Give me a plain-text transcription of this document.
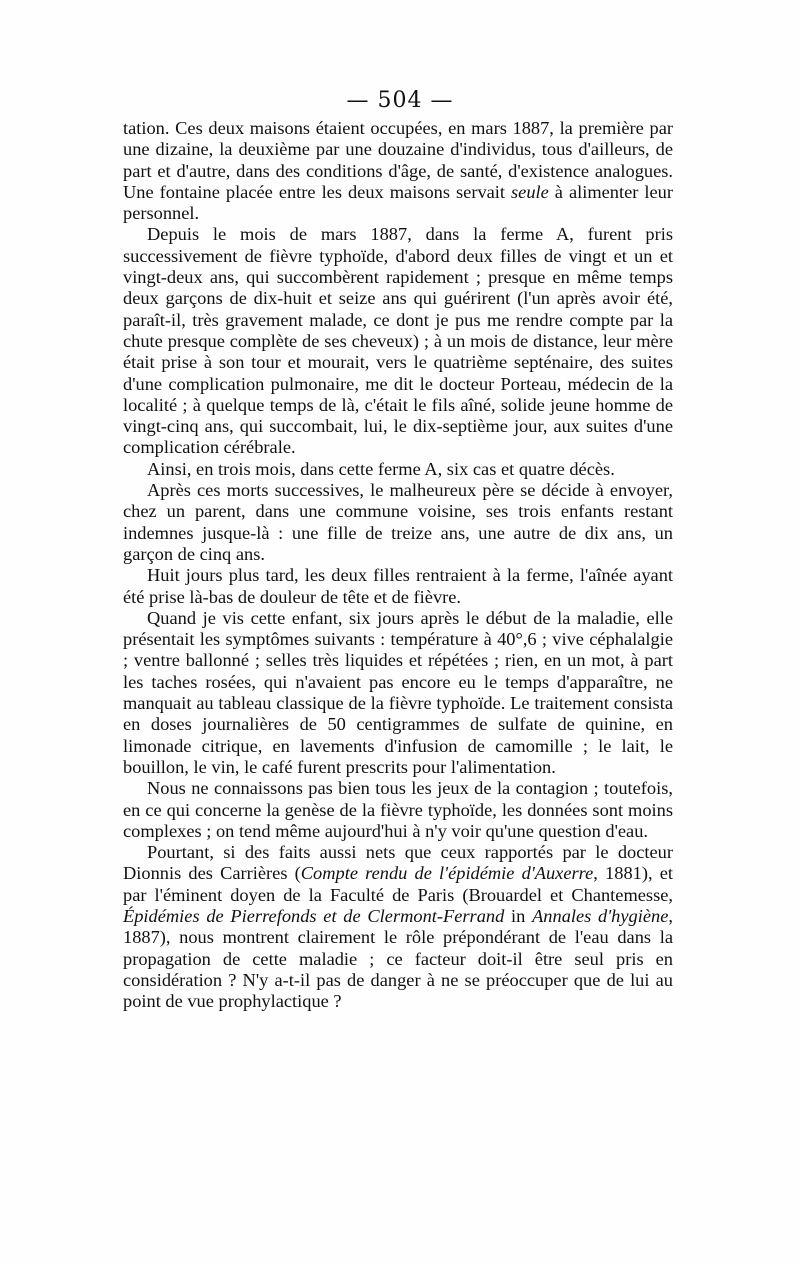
— 504 —

tation. Ces deux maisons étaient occupées, en mars 1887, la première par une dizaine, la deuxième par une douzaine d'individus, tous d'ailleurs, de part et d'autre, dans des conditions d'âge, de santé, d'existence analogues. Une fontaine placée entre les deux maisons servait seule à alimenter leur personnel.

Depuis le mois de mars 1887, dans la ferme A, furent pris successivement de fièvre typhoïde, d'abord deux filles de vingt et un et vingt-deux ans, qui succombèrent rapidement ; presque en même temps deux garçons de dix-huit et seize ans qui guérirent (l'un après avoir été, paraît-il, très gravement malade, ce dont je pus me rendre compte par la chute presque complète de ses cheveux) ; à un mois de distance, leur mère était prise à son tour et mourait, vers le quatrième septénaire, des suites d'une complication pulmonaire, me dit le docteur Porteau, médecin de la localité ; à quelque temps de là, c'était le fils aîné, solide jeune homme de vingt-cinq ans, qui succombait, lui, le dix-septième jour, aux suites d'une complication cérébrale.

Ainsi, en trois mois, dans cette ferme A, six cas et quatre décès.

Après ces morts successives, le malheureux père se décide à envoyer, chez un parent, dans une commune voisine, ses trois enfants restant indemnes jusque-là : une fille de treize ans, une autre de dix ans, un garçon de cinq ans.

Huit jours plus tard, les deux filles rentraient à la ferme, l'aînée ayant été prise là-bas de douleur de tête et de fièvre.

Quand je vis cette enfant, six jours après le début de la maladie, elle présentait les symptômes suivants : température à 40°,6 ; vive céphalalgie ; ventre ballonné ; selles très liquides et répétées ; rien, en un mot, à part les taches rosées, qui n'avaient pas encore eu le temps d'apparaître, ne manquait au tableau classique de la fièvre typhoïde. Le traitement consista en doses journalières de 50 centigrammes de sulfate de quinine, en limonade citrique, en lavements d'infusion de camomille ; le lait, le bouillon, le vin, le café furent prescrits pour l'alimentation.

Nous ne connaissons pas bien tous les jeux de la contagion ; toutefois, en ce qui concerne la genèse de la fièvre typhoïde, les données sont moins complexes ; on tend même aujourd'hui à n'y voir qu'une question d'eau.

Pourtant, si des faits aussi nets que ceux rapportés par le docteur Dionnis des Carrières (Compte rendu de l'épidémie d'Auxerre, 1881), et par l'éminent doyen de la Faculté de Paris (Brouardel et Chantemesse, Épidémies de Pierrefonds et de Clermont-Ferrand in Annales d'hygiène, 1887), nous montrent clairement le rôle prépondérant de l'eau dans la propagation de cette maladie ; ce facteur doit-il être seul pris en considération ? N'y a-t-il pas de danger à ne se préoccuper que de lui au point de vue prophylactique ?
